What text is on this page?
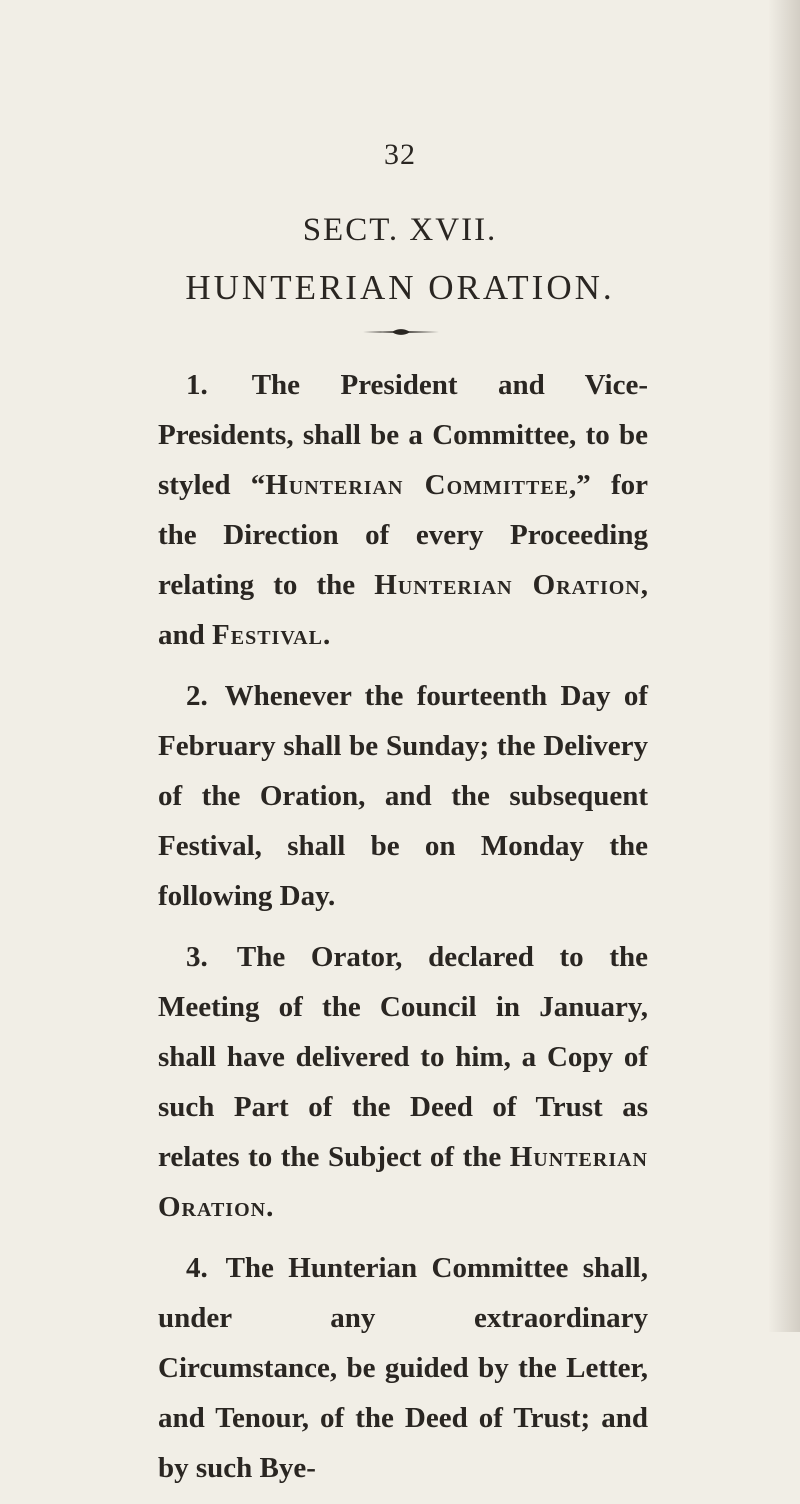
32
SECT. XVII.
HUNTERIAN ORATION.

1. The President and Vice-Presidents, shall be a Committee, to be styled “Hunterian Committee,” for the Direction of every Proceeding relating to the Hunterian Oration, and Festival.

2. Whenever the fourteenth Day of February shall be Sunday; the Delivery of the Oration, and the subsequent Festival, shall be on Monday the following Day.

3. The Orator, declared to the Meeting of the Council in January, shall have delivered to him, a Copy of such Part of the Deed of Trust as relates to the Subject of the Hunterian Oration.

4. The Hunterian Committee shall, under any extraordinary Circumstance, be guided by the Letter, and Tenour, of the Deed of Trust; and by such Bye-
